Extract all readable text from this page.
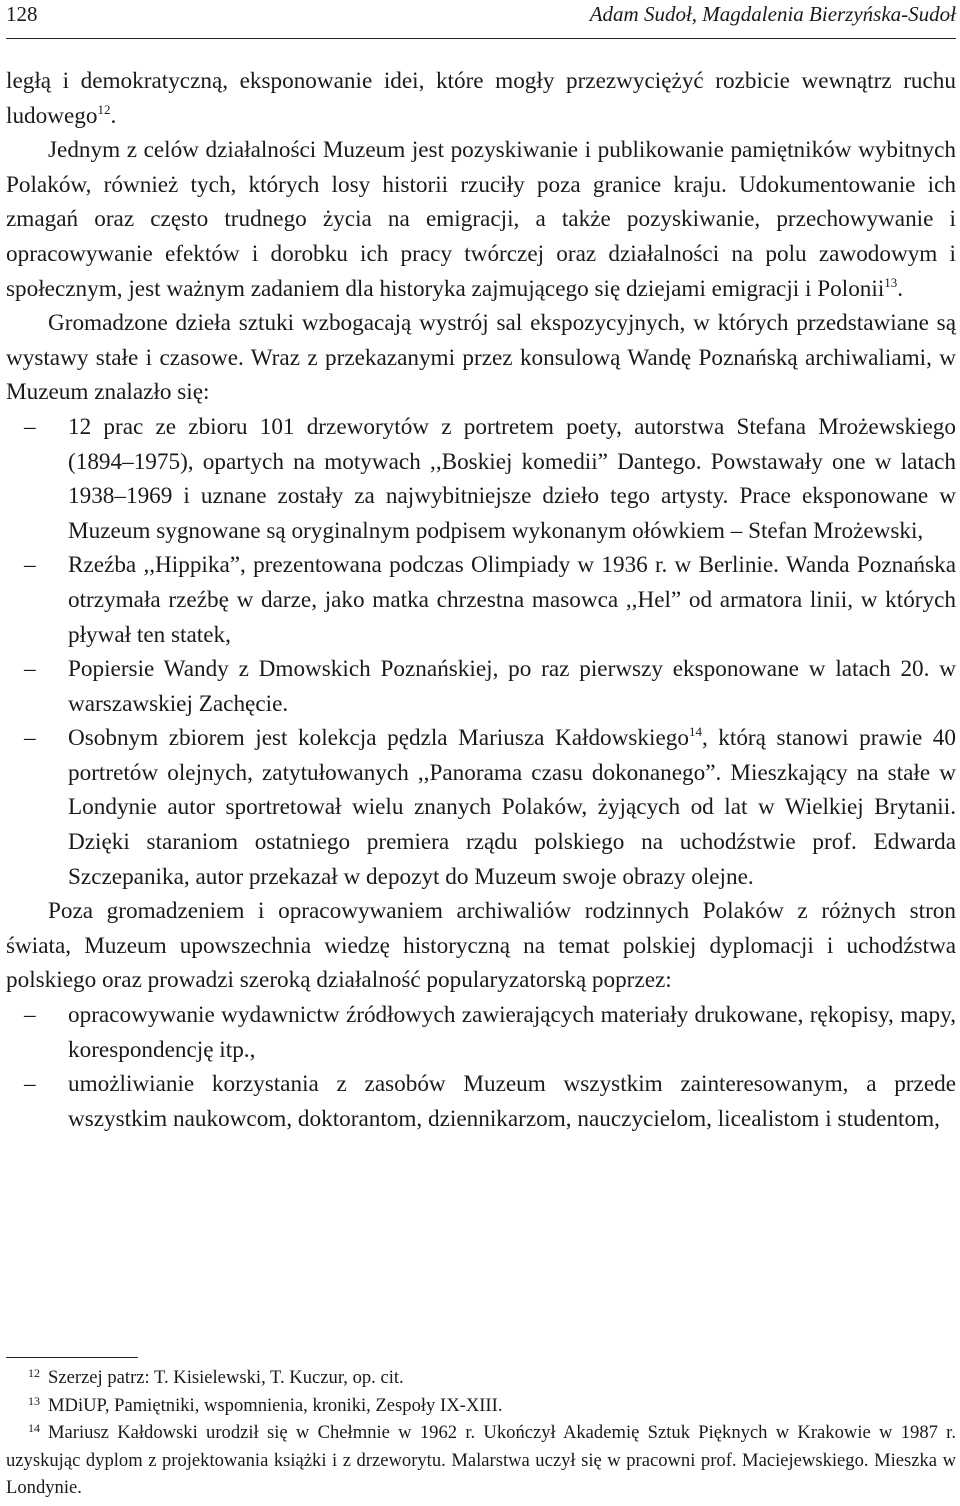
128	Adam Sudoł, Magdalenia Bierzyńska-Sudoł

ległą i demokratyczną, eksponowanie idei, które mogły przezwyciężyć rozbicie wewnątrz ruchu ludowego$^{12}$.

Jednym z celów działalności Muzeum jest pozyskiwanie i publikowanie pamiętników wybitnych Polaków, również tych, których losy historii rzuciły poza granice kraju. Udokumentowanie ich zmagań oraz często trudnego życia na emigracji, a także pozyskiwanie, przechowywanie i opracowywanie efektów i dorobku ich pracy twórczej oraz działalności na polu zawodowym i społecznym, jest ważnym zadaniem dla historyka zajmującego się dziejami emigracji i Polonii$^{13}$.

Gromadzone dzieła sztuki wzbogacają wystrój sal ekspozycyjnych, w których przedstawiane są wystawy stałe i czasowe. Wraz z przekazanymi przez konsulową Wandę Poznańską archiwaliami, w Muzeum znalazło się:

– 12 prac ze zbioru 101 drzeworytów z portretem poety, autorstwa Stefana Mrożewskiego (1894–1975), opartych na motywach ,,Boskiej komedii” Dantego. Powstawały one w latach 1938–1969 i uznane zostały za najwybitniejsze dzieło tego artysty. Prace eksponowane w Muzeum sygnowane są oryginalnym podpisem wykonanym ołówkiem – Stefan Mrożewski,
– Rzeźba ,,Hippika”, prezentowana podczas Olimpiady w 1936 r. w Berlinie. Wanda Poznańska otrzymała rzeźbę w darze, jako matka chrzestna masowca ,,Hel” od armatora linii, w których pływał ten statek,
– Popiersie Wandy z Dmowskich Poznańskiej, po raz pierwszy eksponowane w latach 20. w warszawskiej Zachęcie.
– Osobnym zbiorem jest kolekcja pędzla Mariusza Kałdowskiego$^{14}$, którą stanowi prawie 40 portretów olejnych, zatytułowanych ,,Panorama czasu dokonanego”. Mieszkający na stałe w Londynie autor sportretował wielu znanych Polaków, żyjących od lat w Wielkiej Brytanii. Dzięki staraniom ostatniego premiera rządu polskiego na uchodźstwie prof. Edwarda Szczepanika, autor przekazał w depozyt do Muzeum swoje obrazy olejne.

Poza gromadzeniem i opracowywaniem archiwaliów rodzinnych Polaków z różnych stron świata, Muzeum upowszechnia wiedzę historyczną na temat polskiej dyplomacji i uchodźstwa polskiego oraz prowadzi szeroką działalność popularyzatorską poprzez:

– opracowywanie wydawnictw źródłowych zawierających materiały drukowane, rękopisy, mapy, korespondencję itp.,
– umożliwianie korzystania z zasobów Muzeum wszystkim zainteresowanym, a przede wszystkim naukowcom, doktorantom, dziennikarzom, nauczycielom, licealistom i studentom,

$^{12}$ Szerzej patrz: T. Kisielewski, T. Kuczur, op. cit.

$^{13}$ MDiUP, Pamiętniki, wspomnienia, kroniki, Zespoły IX-XIII.

$^{14}$ Mariusz Kałdowski urodził się w Chełmnie w 1962 r. Ukończył Akademię Sztuk Pięknych w Krakowie w 1987 r. uzyskując dyplom z projektowania książki i z drzeworytu. Malarstwa uczył się w pracowni prof. Maciejewskiego. Mieszka w Londynie.
